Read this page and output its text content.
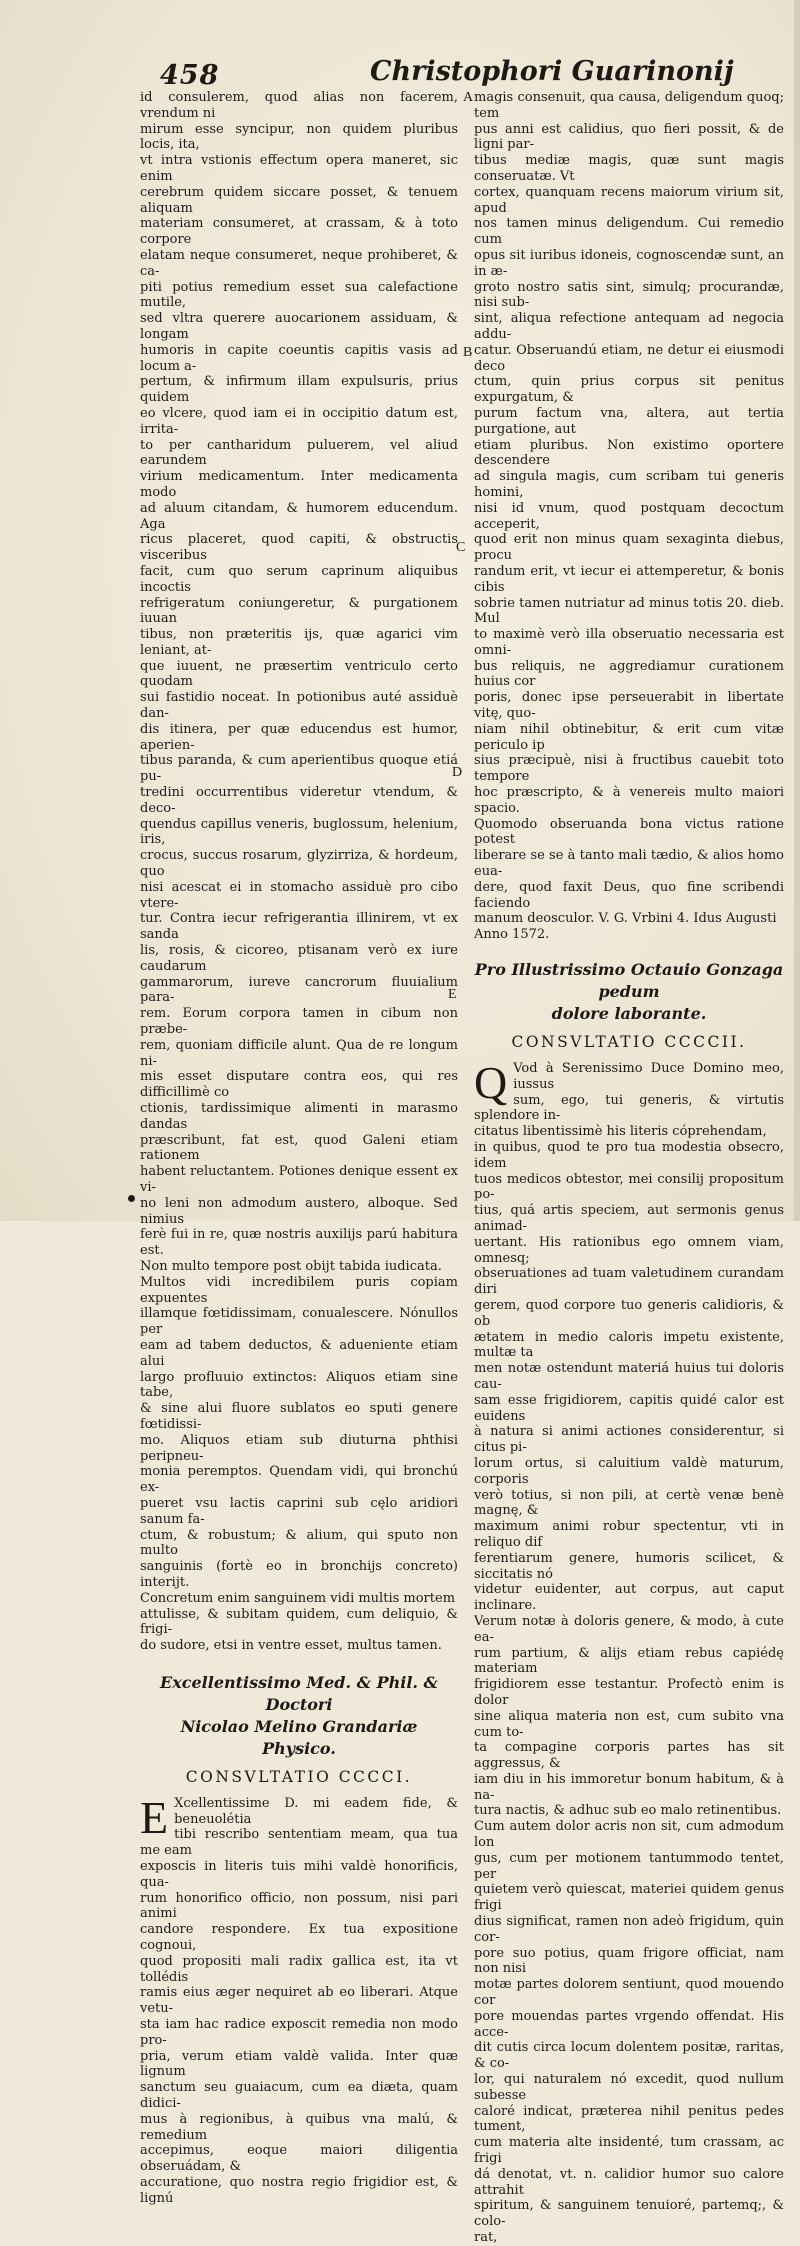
458	Christophori Guarinonij

id consulerem, quod alias non facerem, vrendum ni

mirum esse syncipur, non quidem pluribus locis, ita,

vt intra vstionis effectum opera maneret, sic enim

cerebrum quidem siccare posset, & tenuem aliquam

materiam consumeret, at crassam, & à toto corpore

elatam neque consumeret, neque prohiberet, & ca-

piti potius remedium esset sua calefactione mutile,

sed vltra querere auocarionem assiduam, & longam

humoris in capite coeuntis capitis vasis ad locum a-

pertum, & infirmum illam expulsuris, prius quidem

eo vlcere, quod iam ei in occipitio datum est, irrita-

to per cantharidum puluerem, vel aliud earundem

virium medicamentum. Inter medicamenta modo

ad aluum citandam, & humorem educendum. Aga

ricus placeret, quod capiti, & obstructis visceribus

facit, cum quo serum caprinum aliquibus incoctis

refrigeratum coniungeretur, & purgationem iuuan

tibus, non præteritis ijs, quæ agarici vim leniant, at-

que iuuent, ne præsertim ventriculo certo quodam

sui fastidio noceat. In potionibus auté assiduè dan-

dis itinera, per quæ educendus est humor, aperien-

tibus paranda, & cum aperientibus quoque etiá pu-

tredini occurrentibus videretur vtendum, & deco-

quendus capillus veneris, buglossum, helenium, iris,

crocus, succus rosarum, glyzirriza, & hordeum, quo

nisi acescat ei in stomacho assiduè pro cibo vtere-

tur. Contra iecur refrigerantia illinirem, vt ex sanda

lis, rosis, & cicoreo, ptisanam verò ex iure caudarum

gammarorum, iureve cancrorum fluuialium para-

rem. Eorum corpora tamen in cibum non præbe-

rem, quoniam difficile alunt. Qua de re longum ni-

mis esset disputare contra eos, qui res difficillimè co

ctionis, tardissimique alimenti in marasmo dandas

præscribunt, fat est, quod Galeni etiam rationem

habent reluctantem. Potiones denique essent ex vi-

no leni non admodum austero, alboque. Sed nimius

ferè fui in re, quæ nostris auxilijs parú habitura est.

Non multo tempore post obijt tabida iudicata.

Multos vidi incredibilem puris copiam expuentes

illamque fœtidissimam, conualescere. Nónullos per

eam ad tabem deductos, & adueniente etiam alui

largo profluuio extinctos: Aliquos etiam sine tabe,

& sine alui fluore sublatos eo sputi genere fœtidissi-

mo. Aliquos etiam sub diuturna phthisi peripneu-

monia peremptos. Quendam vidi, qui bronchú ex-

pueret vsu lactis caprini sub cęlo aridiori sanum fa-

ctum, & robustum; & alium, qui sputo non multo

sanguinis (fortè eo in bronchijs concreto) interijt.

Concretum enim sanguinem vidi multis mortem

attulisse, & subitam quidem, cum deliquio, & frigi-

do sudore, etsi in ventre esset, multus tamen.

Excellentissimo Med. & Phil. & Doctori
Nicolao Melino Grandariæ
Physico.
CONSVLTATIO CCCCI.
E Xcellentissime D. mi eadem fide, & beneuolétia

tibi rescribo sententiam meam, qua tua me eam

exposcis in literis tuis mihi valdè honorificis, qua-

rum honorifico officio, non possum, nisi pari animi

candore respondere. Ex tua expositione cognoui,

quod propositi mali radix gallica est, ita vt tollédis

ramis eius æger nequiret ab eo liberari. Atque vetu-

sta iam hac radice exposcit remedia non modo pro-

pria, verum etiam valdè valida. Inter quæ lignum

sanctum seu guaiacum, cum ea diæta, quam didici-

mus à regionibus, à quibus vna malú, & remedium

accepimus, eoque maiori diligentia obseruádam, &

accuratione, quo nostra regio frigidior est, & lignú

magis consenuit, qua causa, deligendum quoq; tem

pus anni est calidius, quo fieri possit, & de ligni par-

tibus mediæ magis, quæ sunt magis conseruatæ. Vt

cortex, quanquam recens maiorum virium sit, apud

nos tamen minus deligendum. Cui remedio cum

opus sit iuribus idoneis, cognoscendæ sunt, an in æ-

groto nostro satis sint, simulq; procurandæ, nisi sub-

sint, aliqua refectione antequam ad negocia addu-

catur. Obseruandú etiam, ne detur ei eiusmodi deco

ctum, quin prius corpus sit penitus expurgatum, &

purum factum vna, altera, aut tertia purgatione, aut

etiam pluribus. Non existimo oportere descendere

ad singula magis, cum scribam tui generis homini,

nisi id vnum, quod postquam decoctum acceperit,

quod erit non minus quam sexaginta diebus, procu

randum erit, vt iecur ei attemperetur, & bonis cibis

sobrie tamen nutriatur ad minus totis 20. dieb. Mul

to maximè verò illa obseruatio necessaria est omni-

bus reliquis, ne aggrediamur curationem huius cor

poris, donec ipse perseuerabit in libertate vitę, quo-

niam nihil obtinebitur, & erit cum vitæ periculo ip

sius præcipuè, nisi à fructibus cauebit toto tempore

hoc præscripto, & à venereis multo maiori spacio.

Quomodo obseruanda bona victus ratione potest

liberare se se à tanto mali tædio, & alios homo eua-

dere, quod faxit Deus, quo fine scribendi faciendo

manum deosculor. V. G. Vrbini 4. Idus Augusti

Anno 1572.

Pro Illustrissimo Octauio Gonzaga pedum
dolore laborante.
CONSVLTATIO CCCCII.
Q Vod à Serenissimo Duce Domino meo, iussus

sum, ego, tui generis, & virtutis splendore in-

citatus libentissimè his literis cóprehendam,

in quibus, quod te pro tua modestia obsecro, idem

tuos medicos obtestor, mei consilij propositum po-

tius, quá artis speciem, aut sermonis genus animad-

uertant. His rationibus ego omnem viam, omnesq;

obseruationes ad tuam valetudinem curandam diri

gerem, quod corpore tuo generis calidioris, & ob

ætatem in medio caloris impetu existente, multæ ta

men notæ ostendunt materiá huius tui doloris cau-

sam esse frigidiorem, capitis quidé calor est euidens

à natura si animi actiones considerentur, si citus pi-

lorum ortus, si caluitium valdè maturum, corporis

verò totius, si non pili, at certè venæ benè magnę, &

maximum animi robur spectentur, vti in reliquo dif

ferentiarum genere, humoris scilicet, & siccitatis nó

videtur euidenter, aut corpus, aut caput inclinare.

Verum notæ à doloris genere, & modo, à cute ea-

rum partium, & alijs etiam rebus capiédę materiam

frigidiorem esse testantur. Profectò enim is dolor

sine aliqua materia non est, cum subito vna cum to-

ta compagine corporis partes has sit aggressus, &

iam diu in his immoretur bonum habitum, & à na-

tura nactis, & adhuc sub eo malo retinentibus.

Cum autem dolor acris non sit, cum admodum lon

gus, cum per motionem tantummodo tentet, per

quietem verò quiescat, materiei quidem genus frigi

dius significat, ramen non adeò frigidum, quin cor-

pore suo potius, quam frigore officiat, nam non nisi

motæ partes dolorem sentiunt, quod mouendo cor

pore mouendas partes vrgendo offendat. His acce-

dit cutis circa locum dolentem positæ, raritas, & co-

lor, qui naturalem nó excedit, quod nullum subesse

caloré indicat, præterea nihil penitus pedes tument,

cum materia alte insidenté, tum crassam, ac frigi

dá denotat, vt. n. calidior humor suo calore attrahit

spiritum, & sanguinem tenuioré, partemq;, & colo-

rat,

A
B
C
D
E
